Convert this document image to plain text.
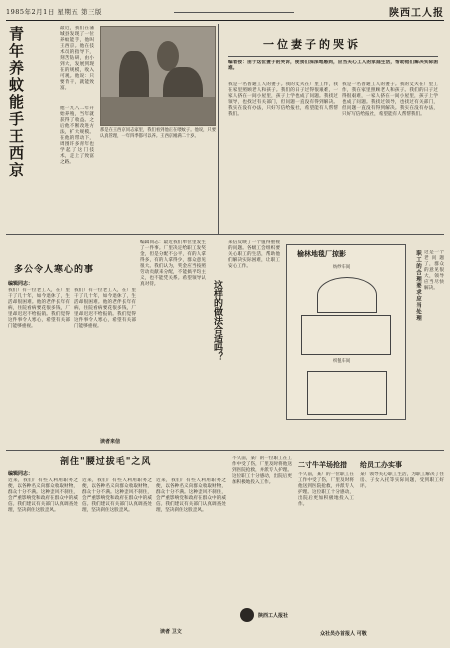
1985年2月1日 星期五 第三版	陕西工人报
青年养蚊能手王西京	最近，我们在蒲城县发现了一位养蚊能手，他叫王西京。他在技术员的指导下，刻苦钻研，由小到大，发展到现在的规模，收入可观。他说：只要肯干，就能致富。
那是在王西京同志家里，我们看到他正在喂蚊子。他说，只要认真管理，一年四季都可以养。王西京刚满二十岁。
他一九八二年开始养殖，当年就获得了收益。之后他不断改进方法，扩大规模。在他的带动下，周围许多青年也学起了这门技术，走上了致富之路。
一位妻子的哭诉
编者按：由于这位妻子的哭诉，使我们深深地感到，应当关心工人的家庭生活，帮助他们解决实际困难。
我是一名普通工人的妻子。我的丈夫在厂里工作，我在家里照顾老人和孩子。我们的日子过得很艰难，一家人挤在一间小屋里，孩子上学也成了问题。我找过领导，也找过有关部门，但问题一直没有得到解决。我实在没有办法，只好写信给报社，希望能有人帮帮我们。
我是一名普通工人的妻子。我的丈夫在厂里工作，我在家里照顾老人和孩子。我们的日子过得很艰难，一家人挤在一间小屋里，孩子上学也成了问题。我找过领导，也找过有关部门，但问题一直没有得到解决。我实在没有办法，只好写信给报社，希望能有人帮帮我们。
多公令人寒心的事
编辑同志：
我们厂有一位老工人，在厂里干了几十年，如今退休了，生活却很困难。他的老伴长年有病，住院看病要花很多钱，厂里却迟迟不给报销。我们觉得这件事令人寒心，希望有关部门能够重视。
我们厂有一位老工人，在厂里干了几十年，如今退休了，生活却很困难。他的老伴长年有病，住院看病要花很多钱，厂里却迟迟不给报销。我们觉得这件事令人寒心，希望有关部门能够重视。
读者来信
编辑同志：最近我们单位里发生了一件事。厂里决定给职工发奖金，但是分配不公平，有的人拿得多，有的人拿得少，群众意见很大。我们认为，奖金应当按照劳动贡献来分配，不能搞平均主义，也不能凭关系。希望领导认真对待。	这样的做法合适吗？
来信反映了一个值得重视的问题。各级工会组织要关心职工的生活，帮助他们解决实际困难，让职工安心工作。
榆林地毯厂掠影
纺纱车间
织毯车间
职工的合理要求应当处理 这是一个老问题了，群众的意见很大，领导应当尽快解决。
剖住"腰过拔毛"之风
编辑同志：
近来，我们厂有些人利用职务之便，以各种名义向群众收取财物，群众十分不满。这种歪风不刹住，会严重影响党和政府在群众中的威信。我们建议有关部门认真调查处理，坚决刹住这股歪风。
近来，我们厂有些人利用职务之便，以各种名义向群众收取财物，群众十分不满。这种歪风不刹住，会严重影响党和政府在群众中的威信。我们建议有关部门认真调查处理，坚决刹住这股歪风。
近来，我们厂有些人利用职务之便，以各种名义向群众收取财物，群众十分不满。这种歪风不刹住，会严重影响党和政府在群众中的威信。我们建议有关部门认真调查处理，坚决刹住这股歪风。
读者 卫文
不久前，某厂的一位职工在工作中受了伤，厂里及时将他送到医院抢救，并派专人护理。这位职工十分感动，出院后更加积极地投入工作。
二寸牛羊场抢措
不久前，某厂的一位职工在工作中受了伤，厂里及时将他送到医院抢救，并派专人护理。这位职工十分感动，出院后更加积极地投入工作。
陕西工人报社
给员工办实事
某厂领导关心职工生活，为职工解决了住房、子女入托等实际问题，受到职工好评。
众社员办首报人 可敬
